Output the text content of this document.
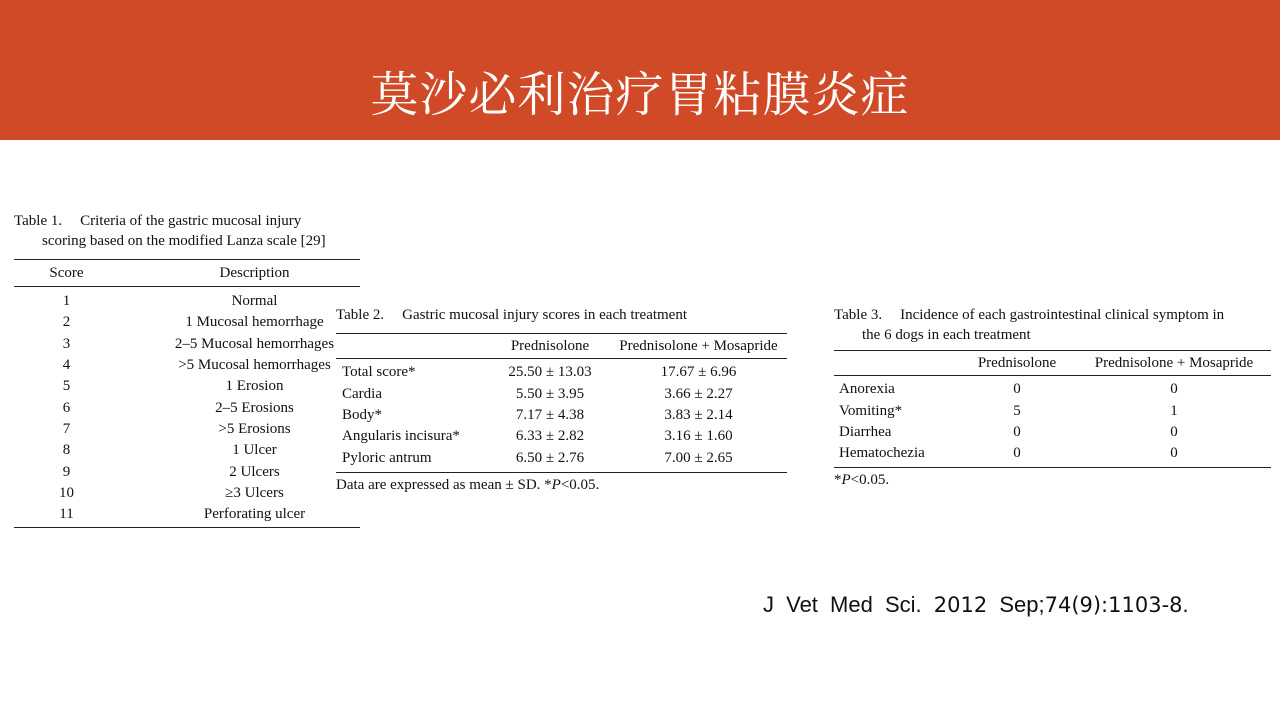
莫沙必利治疗胃粘膜炎症
Table 1. Criteria of the gastric mucosal injury
scoring based on the modified Lanza scale [29]
Score	Description
1	Normal
2	1 Mucosal hemorrhage
3	2–5 Mucosal hemorrhages
4	>5 Mucosal hemorrhages
5	1 Erosion
6	2–5 Erosions
7	>5 Erosions
8	1 Ulcer
9	2 Ulcers
10	≥3 Ulcers
11	Perforating ulcer
Table 2. Gastric mucosal injury scores in each treatment
	Prednisolone	Prednisolone + Mosapride
Total score*	25.50 ± 13.03	17.67 ± 6.96
Cardia	5.50 ± 3.95	3.66 ± 2.27
Body*	7.17 ± 4.38	3.83 ± 2.14
Angularis incisura*	6.33 ± 2.82	3.16 ± 1.60
Pyloric antrum	6.50 ± 2.76	7.00 ± 2.65
Data are expressed as mean ± SD. *P<0.05.
Table 3. Incidence of each gastrointestinal clinical symptom in
the 6 dogs in each treatment
	Prednisolone	Prednisolone + Mosapride
Anorexia	0	0
Vomiting*	5	1
Diarrhea	0	0
Hematochezia	0	0
*P<0.05.
J Vet Med Sci. 2012 Sep;74(9):1103-8.
